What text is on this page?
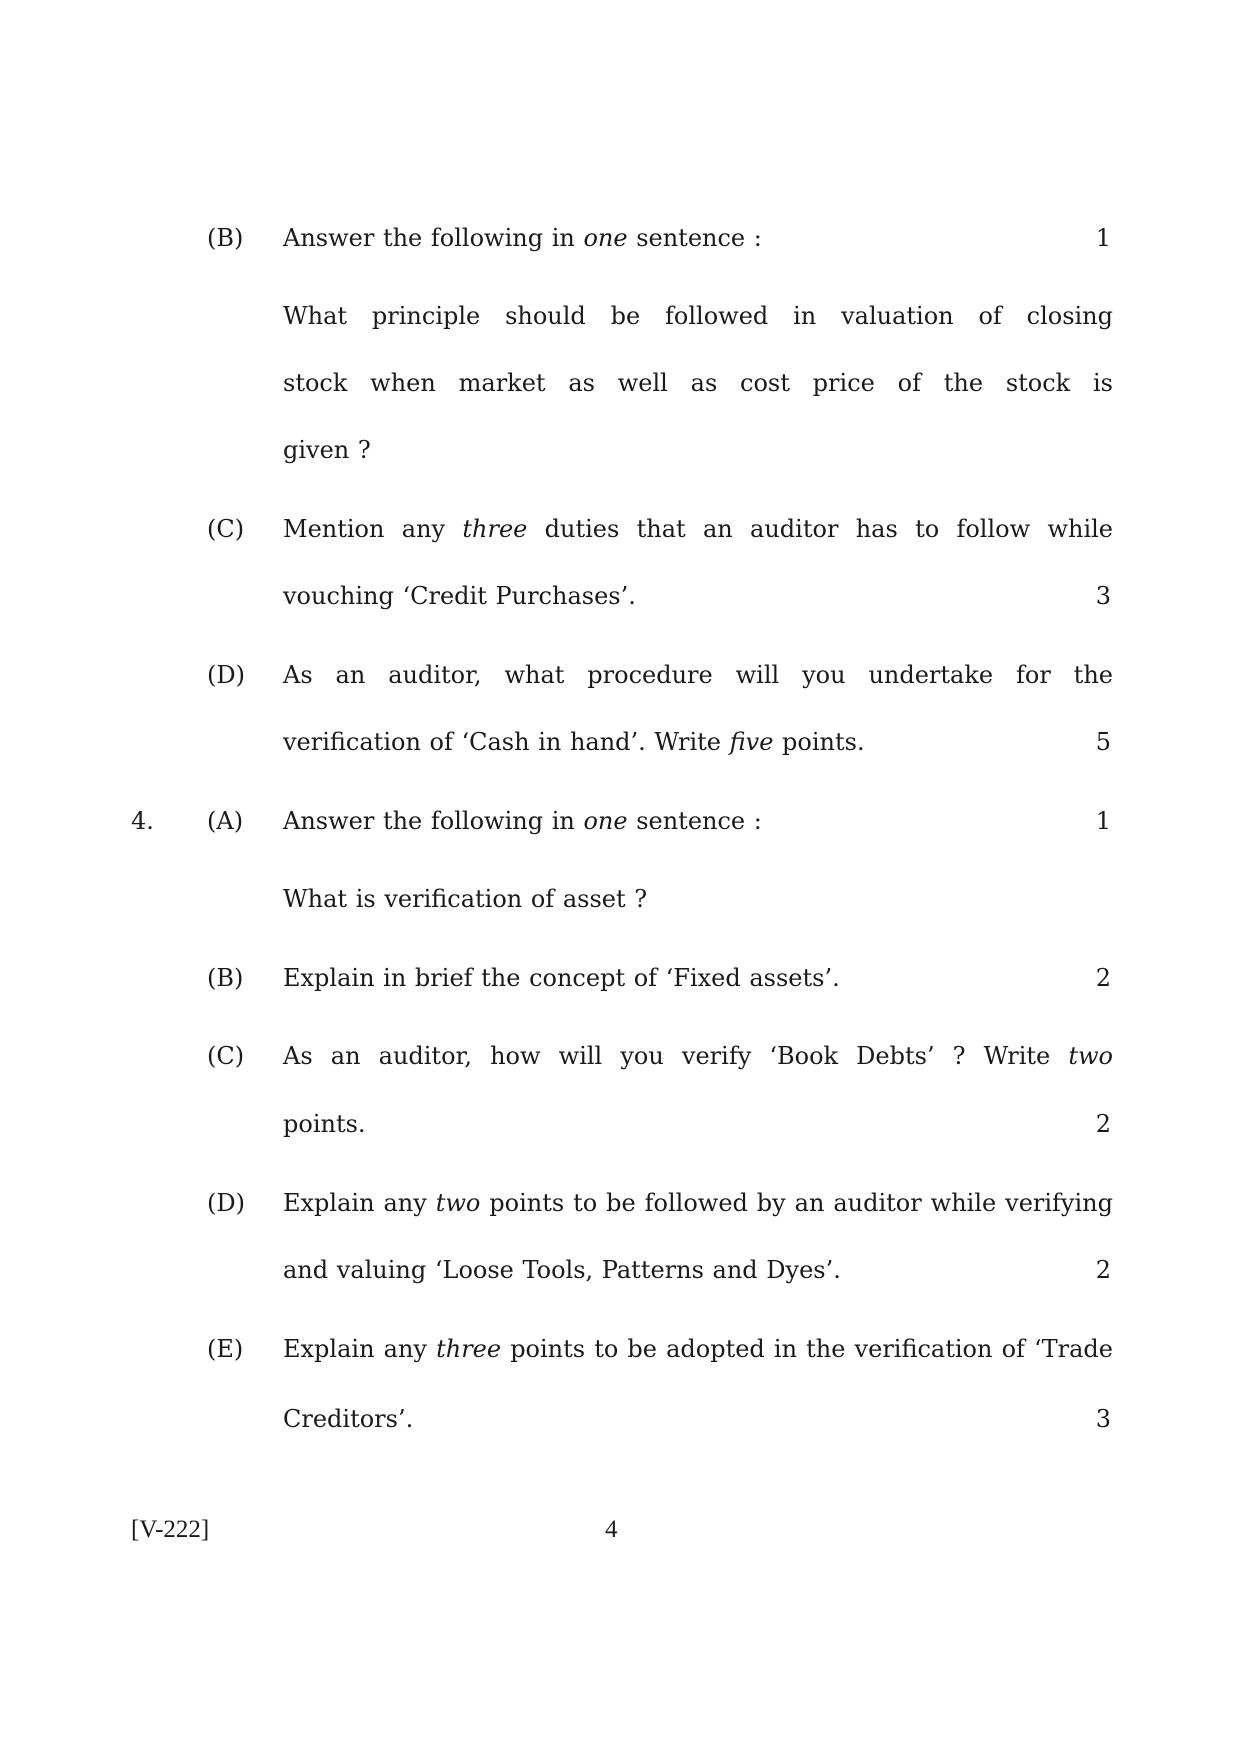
(B) Answer the following in one sentence :	1
What principle should be followed in valuation of closing
stock when market as well as cost price of the stock is
given ?
(C) Mention any three duties that an auditor has to follow while
vouching ‘Credit Purchases’.	3
(D) As an auditor, what procedure will you undertake for the
verification of ‘Cash in hand’. Write five points.	5
4. (A) Answer the following in one sentence :	1
What is verification of asset ?
(B) Explain in brief the concept of ‘Fixed assets’.	2
(C) As an auditor, how will you verify ‘Book Debts’ ? Write two
points.	2
(D) Explain any two points to be followed by an auditor while verifying
and valuing ‘Loose Tools, Patterns and Dyes’.	2
(E) Explain any three points to be adopted in the verification of ‘Trade
Creditors’.	3
[V-222]	4
